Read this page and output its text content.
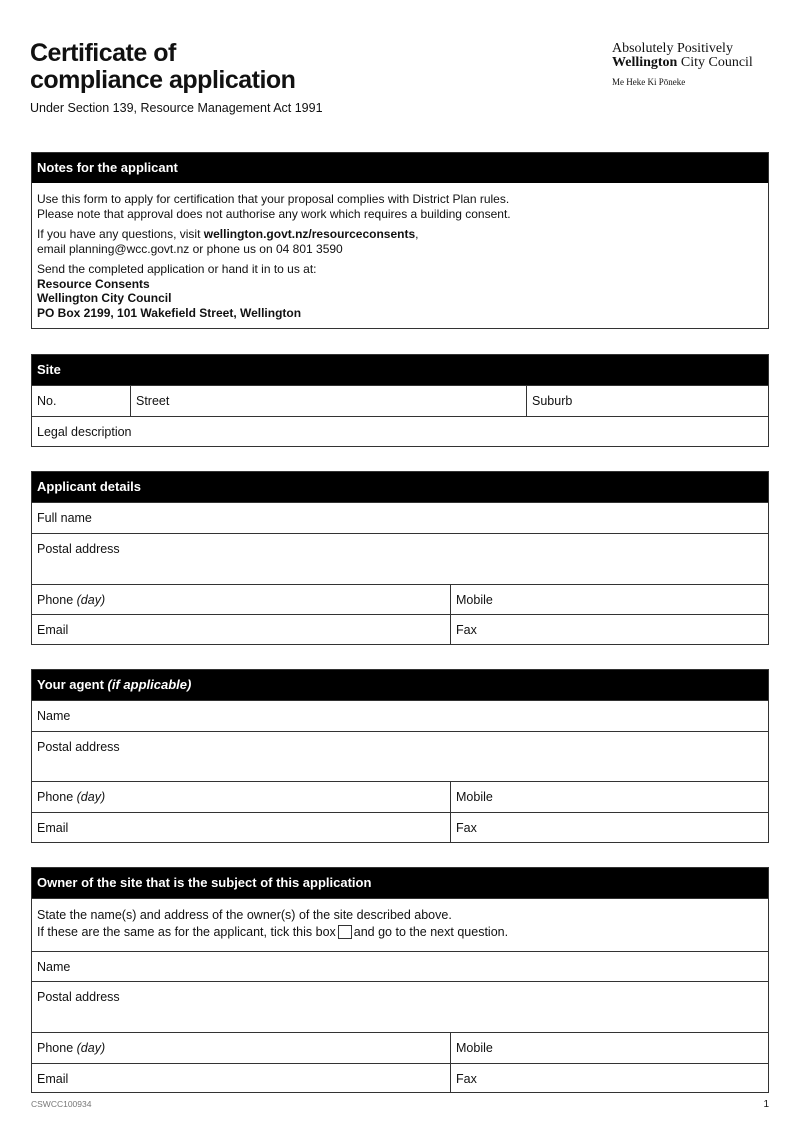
Certificate of
compliance application
Under Section 139, Resource Management Act 1991
Absolutely Positively
Wellington City Council
Me Heke Ki Pōneke
Notes for the applicant

Use this form to apply for certification that your proposal complies with District Plan rules.
Please note that approval does not authorise any work which requires a building consent.

If you have any questions, visit wellington.govt.nz/resourceconsents,
email planning@wcc.govt.nz or phone us on 04 801 3590

Send the completed application or hand it in to us at:
Resource Consents
Wellington City Council
PO Box 2199, 101 Wakefield Street, Wellington

Site
No.	Street	Suburb
Legal description
Applicant details
Full name
Postal address
Phone (day)	Mobile
Email	Fax
Your agent (if applicable)
Name
Postal address
Phone (day)	Mobile
Email	Fax
Owner of the site that is the subject of this application
State the name(s) and address of the owner(s) of the site described above.
If these are the same as for the applicant, tick this box and go to the next question.
Name
Postal address
Phone (day)	Mobile
Email	Fax
CSWCC100934	1
